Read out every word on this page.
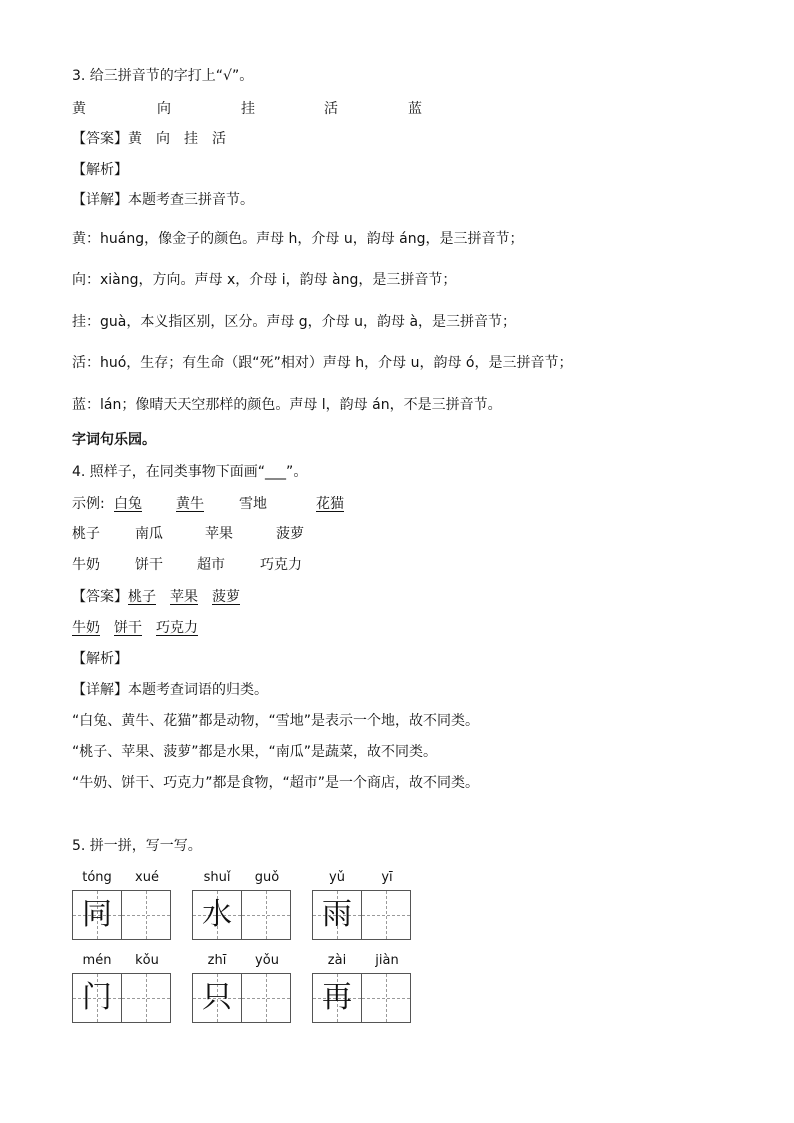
3. 给三拼音节的字打上“√”。
黄	向	挂	活	蓝
【答案】黄　向　挂　活
【解析】
【详解】本题考查三拼音节。
黄：huáng，像金子的颜色。声母 h，介母 u，韵母 áng，是三拼音节；
向：xiàng，方向。声母 x，介母 i，韵母 àng，是三拼音节；
挂：guà，本义指区别，区分。声母 g，介母 u，韵母 à，是三拼音节；
活：huó，生存；有生命（跟“死”相对）声母 h，介母 u，韵母 ó，是三拼音节；
蓝：lán；像晴天天空那样的颜色。声母 l，韵母 án，不是三拼音节。
字词句乐园。
4. 照样子，在同类事物下面画“___”。
示例: 白兔 黄牛	雪地	花猫
桃子	南瓜	苹果	菠萝
牛奶	饼干 超市	巧克力
【答案】 桃子 苹果 菠萝
牛奶 饼干 巧克力
【解析】
【详解】本题考查词语的归类。
“白兔、黄牛、花猫”都是动物，“雪地”是表示一个地，故不同类。
“桃子、苹果、菠萝”都是水果，“南瓜”是蔬菜，故不同类。
“牛奶、饼干、巧克力”都是食物，“超市”是一个商店，故不同类。
5. 拼一拼，写一写。
tóng	xué
同
shuǐ	guǒ
水
yǔ	yī
雨
mén	kǒu
门
zhī	yǒu
只
zài	jiàn
再
